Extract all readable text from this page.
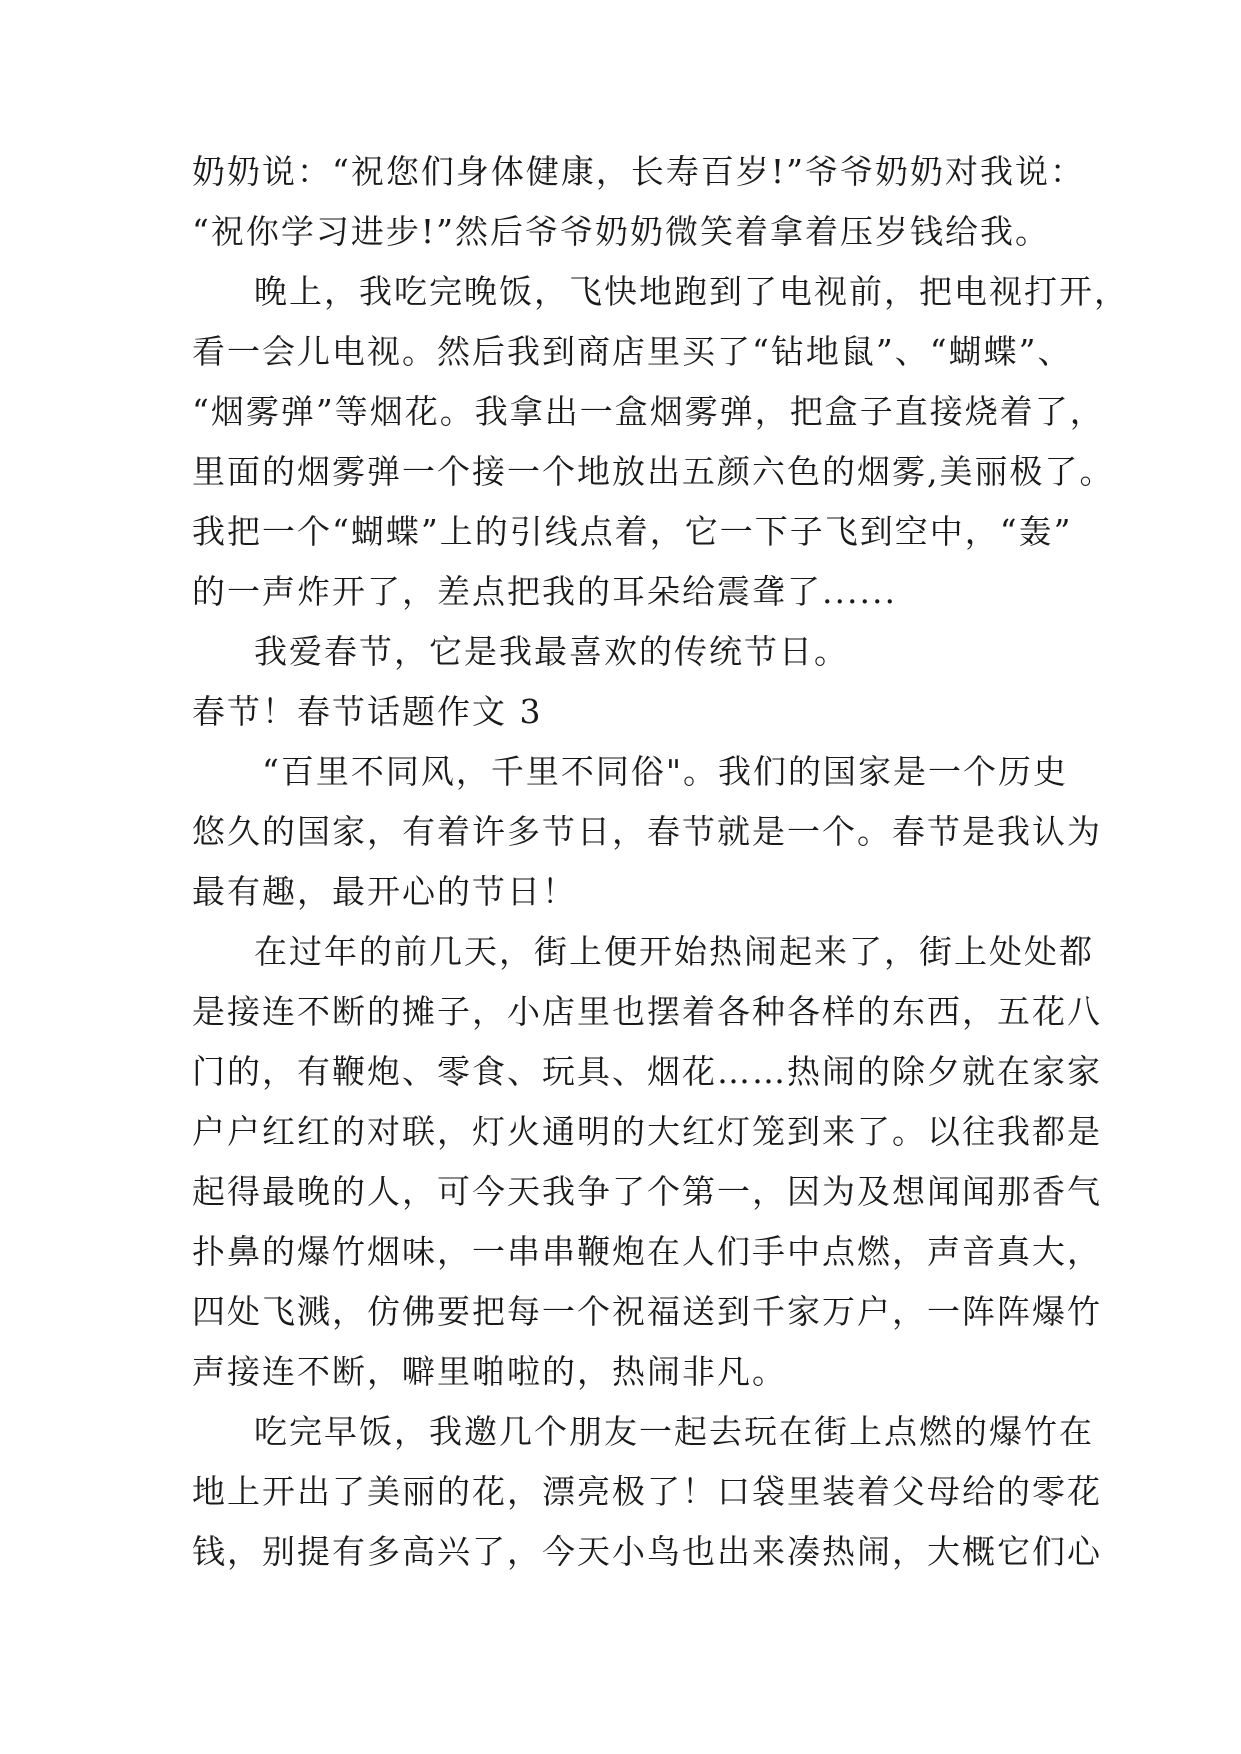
奶奶说：“祝您们身体健康，长寿百岁!”爷爷奶奶对我说：
“祝你学习进步!”然后爷爷奶奶微笑着拿着压岁钱给我。
晚上，我吃完晚饭，飞快地跑到了电视前，把电视打开，
看一会儿电视。然后我到商店里买了“钻地鼠”、“蝴蝶”、
“烟雾弹”等烟花。我拿出一盒烟雾弹，把盒子直接烧着了，
里面的烟雾弹一个接一个地放出五颜六色的烟雾,美丽极了。
我把一个“蝴蝶”上的引线点着，它一下子飞到空中，“轰”
的一声炸开了，差点把我的耳朵给震聋了......
我爱春节，它是我最喜欢的传统节日。
春节！春节话题作文 3
“百里不同风，千里不同俗"。我们的国家是一个历史
悠久的国家，有着许多节日，春节就是一个。春节是我认为
最有趣，最开心的节日！
在过年的前几天，街上便开始热闹起来了，街上处处都
是接连不断的摊子，小店里也摆着各种各样的东西，五花八
门的，有鞭炮、零食、玩具、烟花……热闹的除夕就在家家
户户红红的对联，灯火通明的大红灯笼到来了。以往我都是
起得最晚的人，可今天我争了个第一，因为及想闻闻那香气
扑鼻的爆竹烟味，一串串鞭炮在人们手中点燃，声音真大，
四处飞溅，仿佛要把每一个祝福送到千家万户，一阵阵爆竹
声接连不断，噼里啪啦的，热闹非凡。
吃完早饭，我邀几个朋友一起去玩在街上点燃的爆竹在
地上开出了美丽的花，漂亮极了！口袋里装着父母给的零花
钱，别提有多高兴了，今天小鸟也出来凑热闹，大概它们心
